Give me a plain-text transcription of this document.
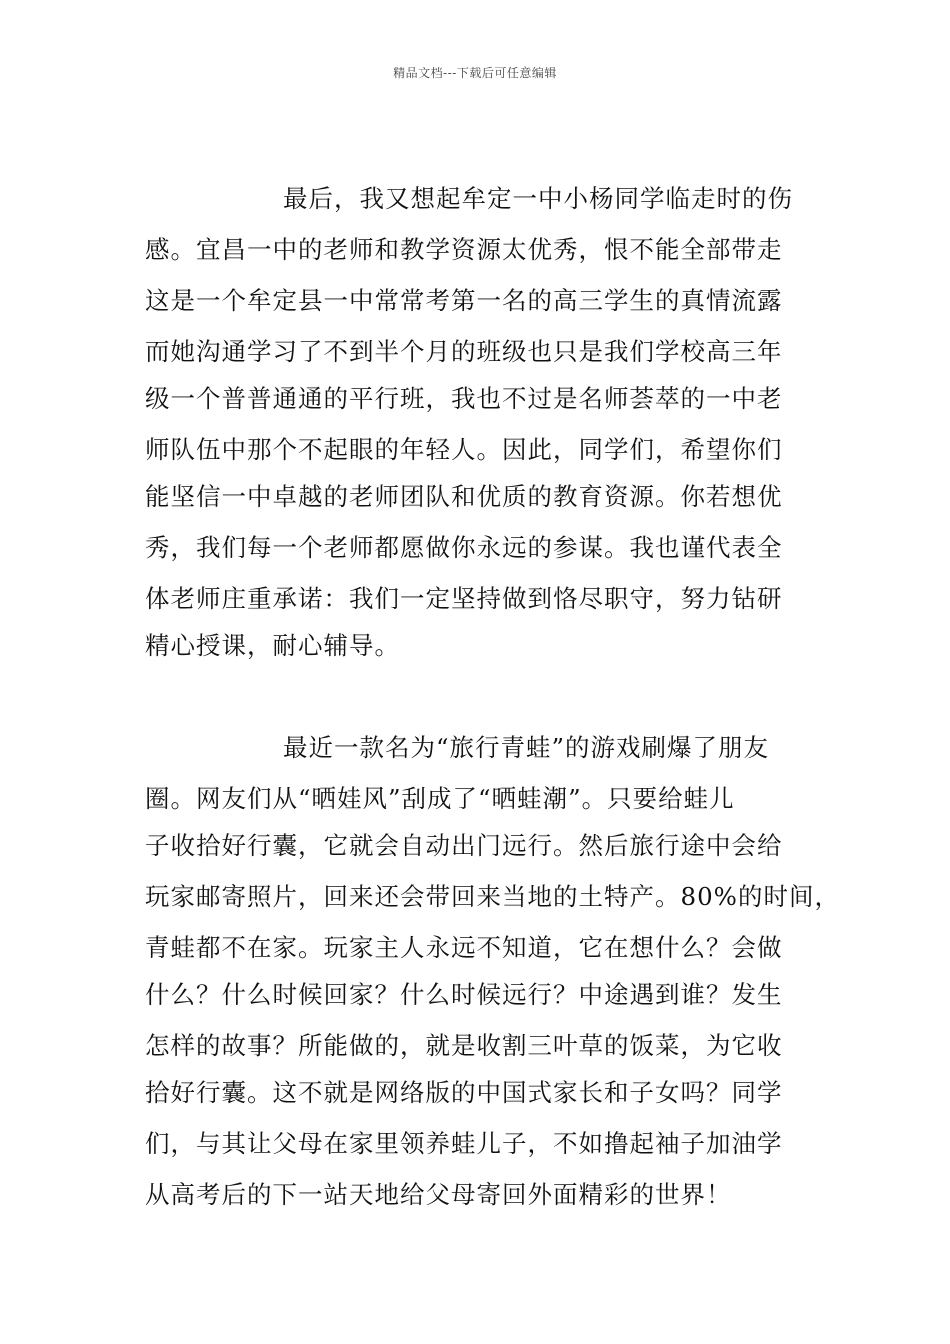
精品文档---下载后可任意编辑
最后，我又想起牟定一中小杨同学临走时的伤
感。宜昌一中的老师和教学资源太优秀，恨不能全部带走
这是一个牟定县一中常常考第一名的高三学生的真情流露
而她沟通学习了不到半个月的班级也只是我们学校高三年
级一个普普通通的平行班，我也不过是名师荟萃的一中老
师队伍中那个不起眼的年轻人。因此，同学们，希望你们
能坚信一中卓越的老师团队和优质的教育资源。你若想优
秀，我们每一个老师都愿做你永远的参谋。我也谨代表全
体老师庄重承诺：我们一定坚持做到恪尽职守，努力钻研
精心授课，耐心辅导。
最近一款名为“旅行青蛙”的游戏刷爆了朋友
圈。网友们从“晒娃风”刮成了“晒蛙潮”。只要给蛙儿
子收拾好行囊，它就会自动出门远行。然后旅行途中会给
玩家邮寄照片，回来还会带回来当地的土特产。80%的时间，
青蛙都不在家。玩家主人永远不知道，它在想什么？会做
什么？什么时候回家？什么时候远行？中途遇到谁？发生
怎样的故事？所能做的，就是收割三叶草的饭菜，为它收
拾好行囊。这不就是网络版的中国式家长和子女吗？同学
们，与其让父母在家里领养蛙儿子，不如撸起袖子加油学
从高考后的下一站天地给父母寄回外面精彩的世界！
